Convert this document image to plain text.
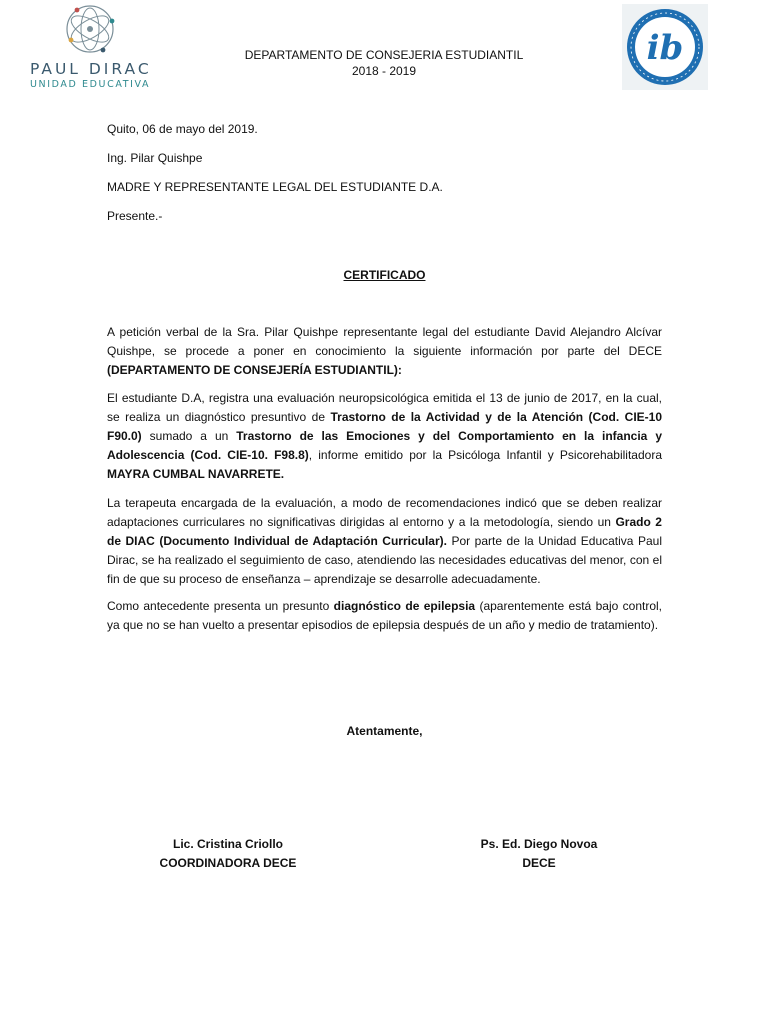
PAUL DIRAC
UNIDAD EDUCATIVA
DEPARTAMENTO DE CONSEJERIA ESTUDIANTIL
2018 - 2019
ib
Quito, 06 de mayo del 2019.
Ing. Pilar Quishpe
MADRE Y REPRESENTANTE LEGAL DEL ESTUDIANTE D.A.
Presente.-
CERTIFICADO
A petición verbal de la Sra. Pilar Quishpe representante legal del estudiante David Alejandro Alcívar Quishpe, se procede a poner en conocimiento la siguiente información por parte del DECE (DEPARTAMENTO DE CONSEJERÍA ESTUDIANTIL):
El estudiante D.A, registra una evaluación neuropsicológica emitida el 13 de junio de 2017, en la cual, se realiza un diagnóstico presuntivo de Trastorno de la Actividad y de la Atención (Cod. CIE-10 F90.0) sumado a un Trastorno de las Emociones y del Comportamiento en la infancia y Adolescencia (Cod. CIE-10. F98.8), informe emitido por la Psicóloga Infantil y Psicorehabilitadora MAYRA CUMBAL NAVARRETE.
La terapeuta encargada de la evaluación, a modo de recomendaciones indicó que se deben realizar adaptaciones curriculares no significativas dirigidas al entorno y a la metodología, siendo un Grado 2 de DIAC (Documento Individual de Adaptación Curricular). Por parte de la Unidad Educativa Paul Dirac, se ha realizado el seguimiento de caso, atendiendo las necesidades educativas del menor, con el fin de que su proceso de enseñanza – aprendizaje se desarrolle adecuadamente.
Como antecedente presenta un presunto diagnóstico de epilepsia (aparentemente está bajo control, ya que no se han vuelto a presentar episodios de epilepsia después de un año y medio de tratamiento).
Atentamente,
Lic. Cristina Criollo
COORDINADORA DECE
Ps. Ed. Diego Novoa
DECE
